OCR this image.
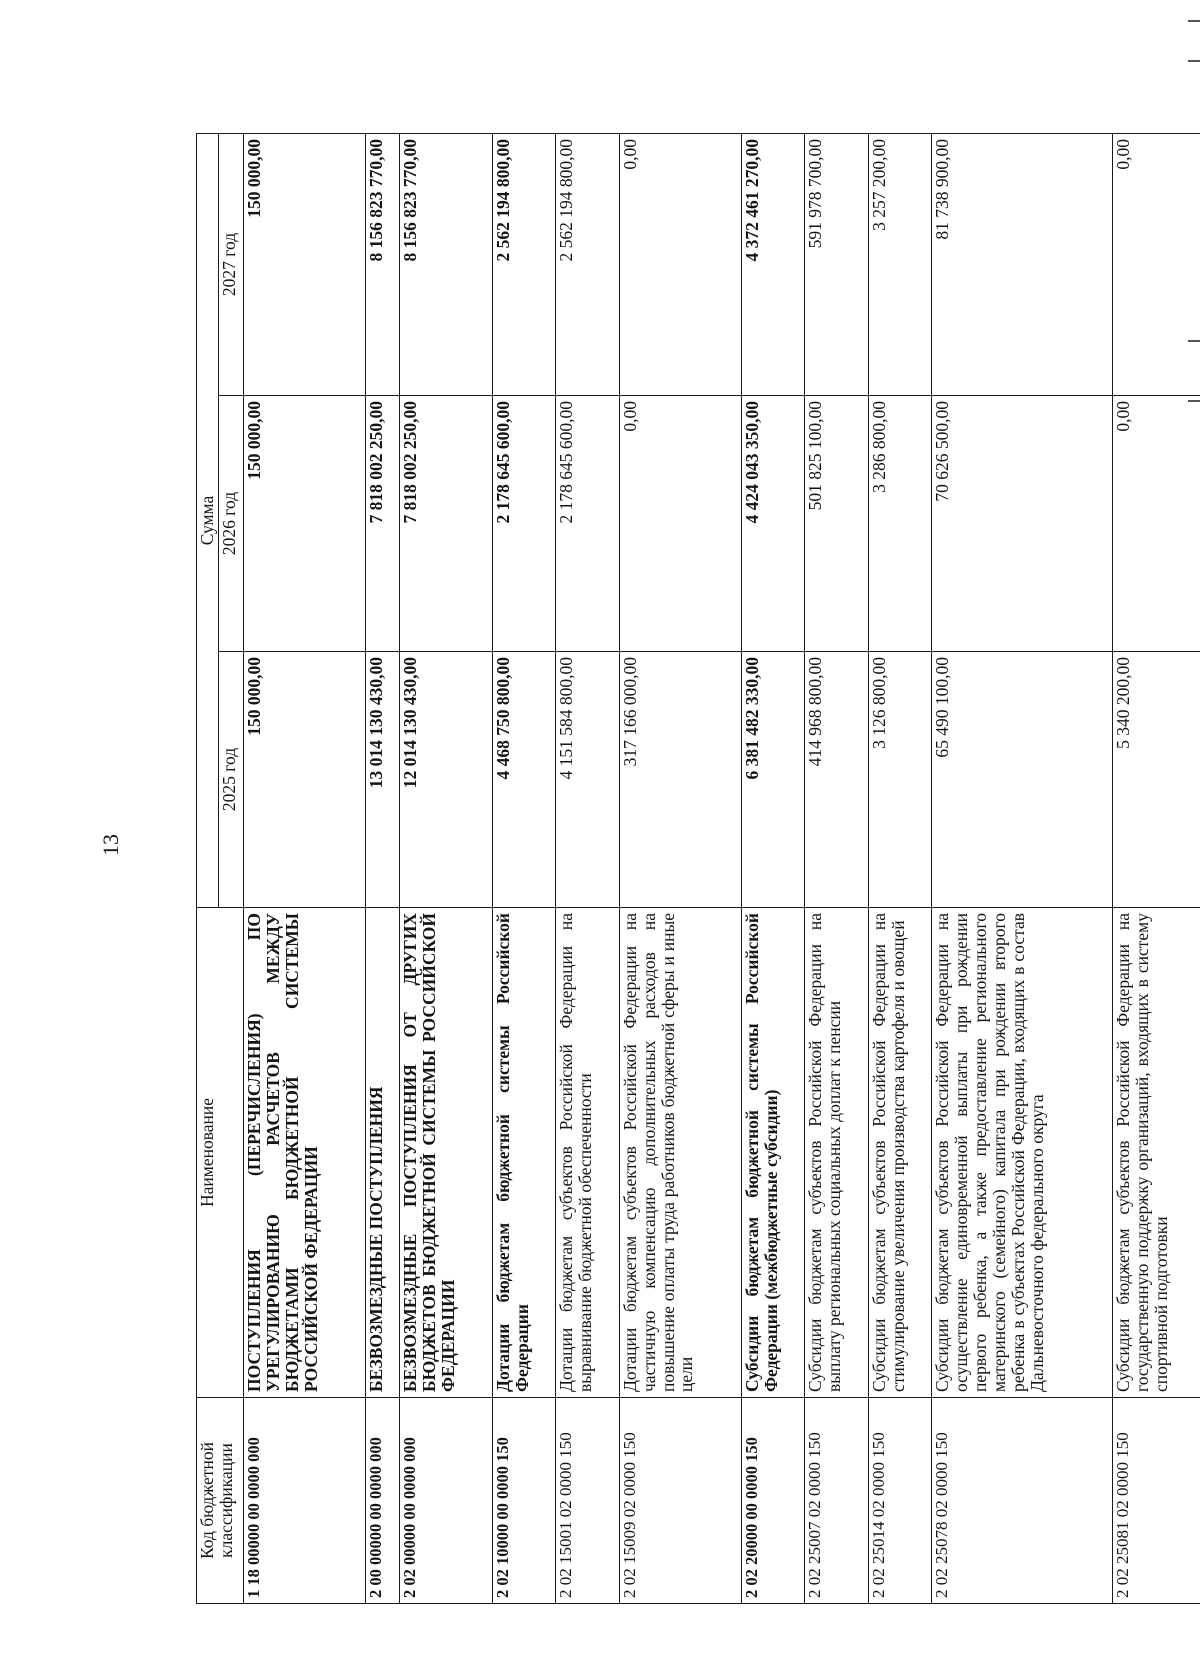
13
Код бюджетной классификации	Наименование	Сумма		
		2025 год	2026 год	2027 год
1 18 00000 00 0000 000	ПОСТУПЛЕНИЯ (ПЕРЕЧИСЛЕНИЯ) ПО УРЕГУЛИРОВАНИЮ РАСЧЕТОВ МЕЖДУ БЮДЖЕТАМИ БЮДЖЕТНОЙ СИСТЕМЫ РОССИЙСКОЙ ФЕДЕРАЦИИ	150 000,00	150 000,00	150 000,00
2 00 00000 00 0000 000	БЕЗВОЗМЕЗДНЫЕ ПОСТУПЛЕНИЯ	13 014 130 430,00	7 818 002 250,00	8 156 823 770,00
2 02 00000 00 0000 000	БЕЗВОЗМЕЗДНЫЕ ПОСТУПЛЕНИЯ ОТ ДРУГИХ БЮДЖЕТОВ БЮДЖЕТНОЙ СИСТЕМЫ РОССИЙСКОЙ ФЕДЕРАЦИИ	12 014 130 430,00	7 818 002 250,00	8 156 823 770,00
2 02 10000 00 0000 150	Дотации бюджетам бюджетной системы Российской Федерации	4 468 750 800,00	2 178 645 600,00	2 562 194 800,00
2 02 15001 02 0000 150	Дотации бюджетам субъектов Российской Федерации на выравнивание бюджетной обеспеченности	4 151 584 800,00	2 178 645 600,00	2 562 194 800,00
2 02 15009 02 0000 150	Дотации бюджетам субъектов Российской Федерации на частичную компенсацию дополнительных расходов на повышение оплаты труда работников бюджетной сферы и иные цели	317 166 000,00	0,00	0,00
2 02 20000 00 0000 150	Субсидии бюджетам бюджетной системы Российской Федерации (межбюджетные субсидии)	6 381 482 330,00	4 424 043 350,00	4 372 461 270,00
2 02 25007 02 0000 150	Субсидии бюджетам субъектов Российской Федерации на выплату региональных социальных доплат к пенсии	414 968 800,00	501 825 100,00	591 978 700,00
2 02 25014 02 0000 150	Субсидии бюджетам субъектов Российской Федерации на стимулирование увеличения производства картофеля и овощей	3 126 800,00	3 286 800,00	3 257 200,00
2 02 25078 02 0000 150	Субсидии бюджетам субъектов Российской Федерации на осуществление единовременной выплаты при рождении первого ребенка, а также предоставление регионального материнского (семейного) капитала при рождении второго ребенка в субъектах Российской Федерации, входящих в состав Дальневосточного федерального округа	65 490 100,00	70 626 500,00	81 738 900,00
2 02 25081 02 0000 150	Субсидии бюджетам субъектов Российской Федерации на государственную поддержку организаций, входящих в систему спортивной подготовки	5 340 200,00	0,00	0,00
